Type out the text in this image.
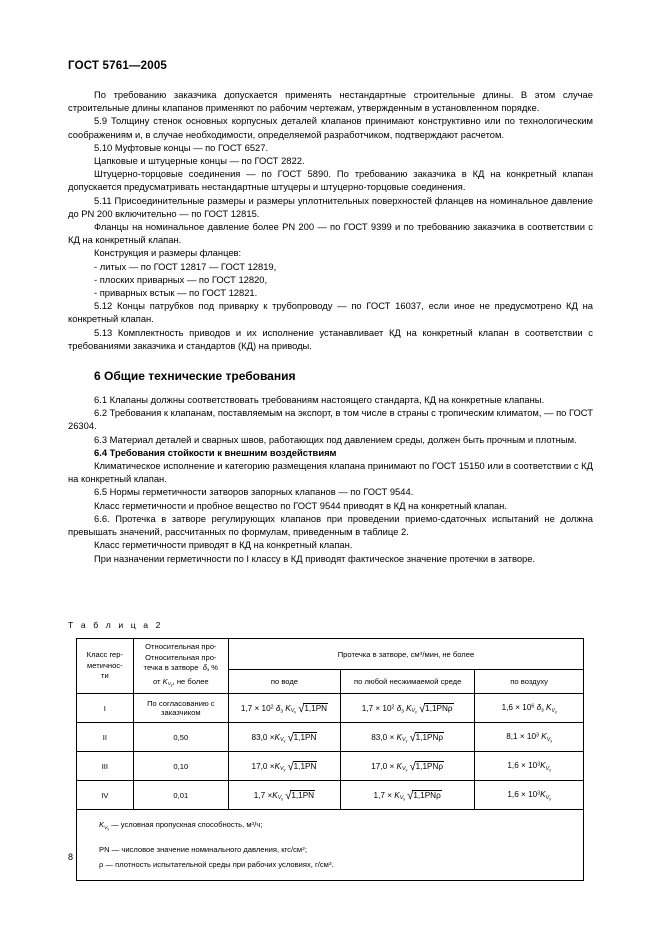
ГОСТ 5761—2005

По требованию заказчика допускается применять нестандартные строительные длины. В этом случае строительные длины клапанов применяют по рабочим чертежам, утвержденным в установленном порядке.

5.9 Толщину стенок основных корпусных деталей клапанов принимают конструктивно или по технологическим соображениям и, в случае необходимости, определяемой разработчиком, подтверждают расчетом.

5.10 Муфтовые концы — по ГОСТ 6527.

Цапковые и штуцерные концы — по ГОСТ 2822.

Штуцерно-торцовые соединения — по ГОСТ 5890. По требованию заказчика в КД на конкретный клапан допускается предусматривать нестандартные штуцеры и штуцерно-торцовые соединения.

5.11 Присоединительные размеры и размеры уплотнительных поверхностей фланцев на номинальное давление до PN 200 включительно — по ГОСТ 12815.

Фланцы на номинальное давление более PN 200 — по ГОСТ 9399 и по требованию заказчика в соответствии с КД на конкретный клапан.

Конструкция и размеры фланцев:

- литых — по ГОСТ 12817 — ГОСТ 12819,

- плоских приварных — по ГОСТ 12820,

- приварных встык — по ГОСТ 12821.

5.12 Концы патрубков под приварку к трубопроводу — по ГОСТ 16037, если иное не предусмотрено КД на конкретный клапан.

5.13 Комплектность приводов и их исполнение устанавливает КД на конкретный клапан в соответствии с требованиями заказчика и стандартов (КД) на приводы.

6 Общие технические требования

6.1 Клапаны должны соответствовать требованиям настоящего стандарта, КД на конкретные клапаны.

6.2 Требования к клапанам, поставляемым на экспорт, в том числе в страны с тропическим климатом, — по ГОСТ 26304.

6.3 Материал деталей и сварных швов, работающих под давлением среды, должен быть прочным и плотным.

6.4 Требования стойкости к внешним воздействиям

Климатическое исполнение и категорию размещения клапана принимают по ГОСТ 15150 или в соответствии с КД на конкретный клапан.

6.5 Нормы герметичности затворов запорных клапанов — по ГОСТ 9544.

Класс герметичности и пробное вещество по ГОСТ 9544 приводят в КД на конкретный клапан.

6.6. Протечка в затворе регулирующих клапанов при проведении приемо-сдаточных испытаний не должна превышать значений, рассчитанных по формулам, приведенным в таблице 2.

Класс герметичности приводят в КД на конкретный клапан.

При назначении герметичности по I классу в КД приводят фактическое значение протечки в затворе.

Т а б л и ц а 2
Класс гер-
метичнос-
ти	Относительная про-
Относительная про-
течка в затворе  $\delta_з$ %
от $K_{V_у}$, не более	Протечка в затворе, $см^3$/мин, не более		
		по воде	по любой несжимаемой среде	по воздуху
I	По согласованию с
заказчиком	$1,7 \times 10^2$ $\delta_з$ $K_{V_у}$ √1,1PN	$1,7 \times 10^2$ $\delta_з$ $K_{V_у}$ √1,1PNρ	$1,6 \times 10^6$ $\delta_з$ $K_{V_у}$
II	0,50	$83,0 \times K_{V_у}$ √1,1PN	$83,0 \times K_{V_у}$ √1,1PNρ	$8,1 \times 10^3$ $K_{V_у}$
III	0,10	$17,0 \times K_{V_у}$ √1,1PN	$17,0 \times K_{V_у}$ √1,1PNρ	$1,6 \times 10^3K_{V_у}$
IV	0,01	$1,7 \times K_{V_у}$ √1,1PN	$1,7 \times K_{V_у}$ √1,1PNρ	$1,6 \times 10^3K_{V_у}$

$K_{V_у}$ — условная пропускная способность, $м^3/ч$;
PN — числовое значение номинального давления, кгс/$см^2$;
ρ — плотность испытательной среды при рабочих условиях, $г/см^3$.				
8
